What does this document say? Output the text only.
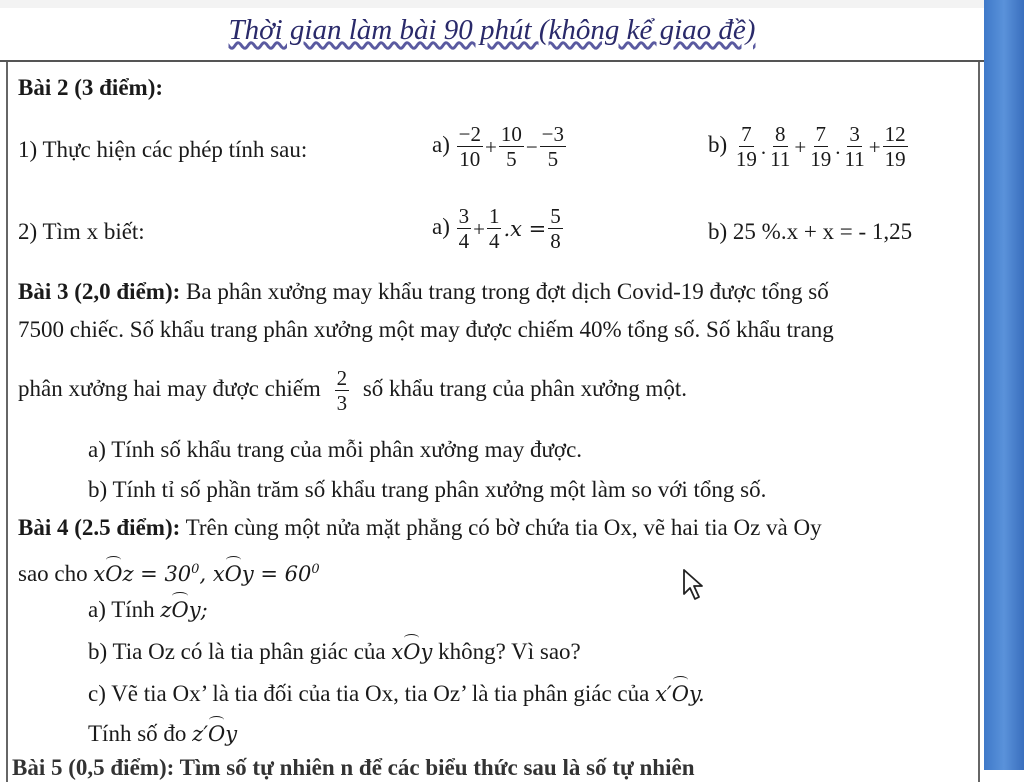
Thời gian làm bài 90 phút (không kể giao đề)
Bài 2 (3 điểm):
1) Thực hiện các phép tính sau:	$a) \frac{-2}{10} + \frac{10}{5} - \frac{-3}{5}$	$b) \frac{7}{19}$ . $\frac{8}{11} + \frac{7}{19}$ . $\frac{3}{11} + \frac{12}{19}$
2) Tìm x biết:	$a) \frac{3}{4} + \frac{1}{4} .x = \frac{5}{8}$	b) 25 %.x + x = - 1,25
Bài 3 (2,0 điểm): Ba phân xưởng may khẩu trang trong đợt dịch Covid-19 được tổng số
7500 chiếc. Số khẩu trang phân xưởng một may được chiếm 40% tổng số. Số khẩu trang
phân xưởng hai may được chiếm $\frac{2}{3}$ số khẩu trang của phân xưởng một.
a) Tính số khẩu trang của mỗi phân xưởng may được.
b) Tính tỉ số phần trăm số khẩu trang phân xưởng một làm so với tổng số.
Bài 4 (2.5 điểm): Trên cùng một nửa mặt phẳng có bờ chứa tia Ox, vẽ hai tia Oz và Oy
sao cho xOz = $30^0$, xOy = $60^0$
a) Tính zOy;
b) Tia Oz có là tia phân giác của xOy không? Vì sao?
c) Vẽ tia Ox’ là tia đối của tia Ox, tia Oz’ là tia phân giác của x′Oy.
Tính số đo z′Oy
Bài 5 (0,5 điểm): Tìm số tự nhiên n để các biểu thức sau là số tự nhiên
